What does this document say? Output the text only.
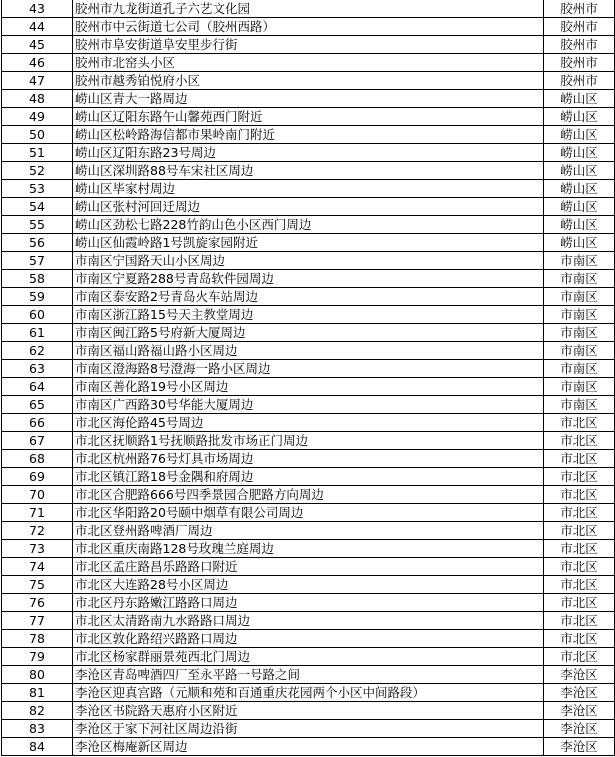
43	胶州市九龙街道孔子六艺文化园	胶州市
44	胶州市中云街道七公司（胶州西路）	胶州市
45	胶州市阜安街道阜安里步行街	胶州市
46	胶州市北窑头小区	胶州市
47	胶州市越秀铂悦府小区	胶州市
48	崂山区青大一路周边	崂山区
49	崂山区辽阳东路午山馨苑西门附近	崂山区
50	崂山区松岭路海信都市果岭南门附近	崂山区
51	崂山区辽阳东路23号周边	崂山区
52	崂山区深圳路88号车宋社区周边	崂山区
53	崂山区毕家村周边	崂山区
54	崂山区张村河回迁周边	崂山区
55	崂山区劲松七路228竹韵山色小区西门周边	崂山区
56	崂山区仙霞岭路1号凯旋家园附近	崂山区
57	市南区宁国路天山小区周边	市南区
58	市南区宁夏路288号青岛软件园周边	市南区
59	市南区泰安路2号青岛火车站周边	市南区
60	市南区浙江路15号天主教堂周边	市南区
61	市南区闽江路5号府新大厦周边	市南区
62	市南区福山路福山路小区周边	市南区
63	市南区澄海路8号澄海一路小区周边	市南区
64	市南区善化路19号小区周边	市南区
65	市南区广西路30号华能大厦周边	市南区
66	市北区海伦路45号周边	市北区
67	市北区抚顺路1号抚顺路批发市场正门周边	市北区
68	市北区杭州路76号灯具市场周边	市北区
69	市北区镇江路18号金隅和府周边	市北区
70	市北区合肥路666号四季景园合肥路方向周边	市北区
71	市北区华阳路20号颐中烟草有限公司周边	市北区
72	市北区登州路啤酒厂周边	市北区
73	市北区重庆南路128号玫瑰兰庭周边	市北区
74	市北区孟庄路昌乐路路口附近	市北区
75	市北区大连路28号小区周边	市北区
76	市北区丹东路嫩江路路口周边	市北区
77	市北区太清路南九水路路口周边	市北区
78	市北区敦化路绍兴路路口周边	市北区
79	市北区杨家群丽景苑西北门周边	市北区
80	李沧区青岛啤酒四厂至永平路一号路之间	李沧区
81	李沧区迎真宫路（元顺和苑和百通重庆花园两个小区中间路段）	李沧区
82	李沧区书院路天惠府小区附近	李沧区
83	李沧区于家下河社区周边沿街	李沧区
84	李沧区梅庵新区周边	李沧区
